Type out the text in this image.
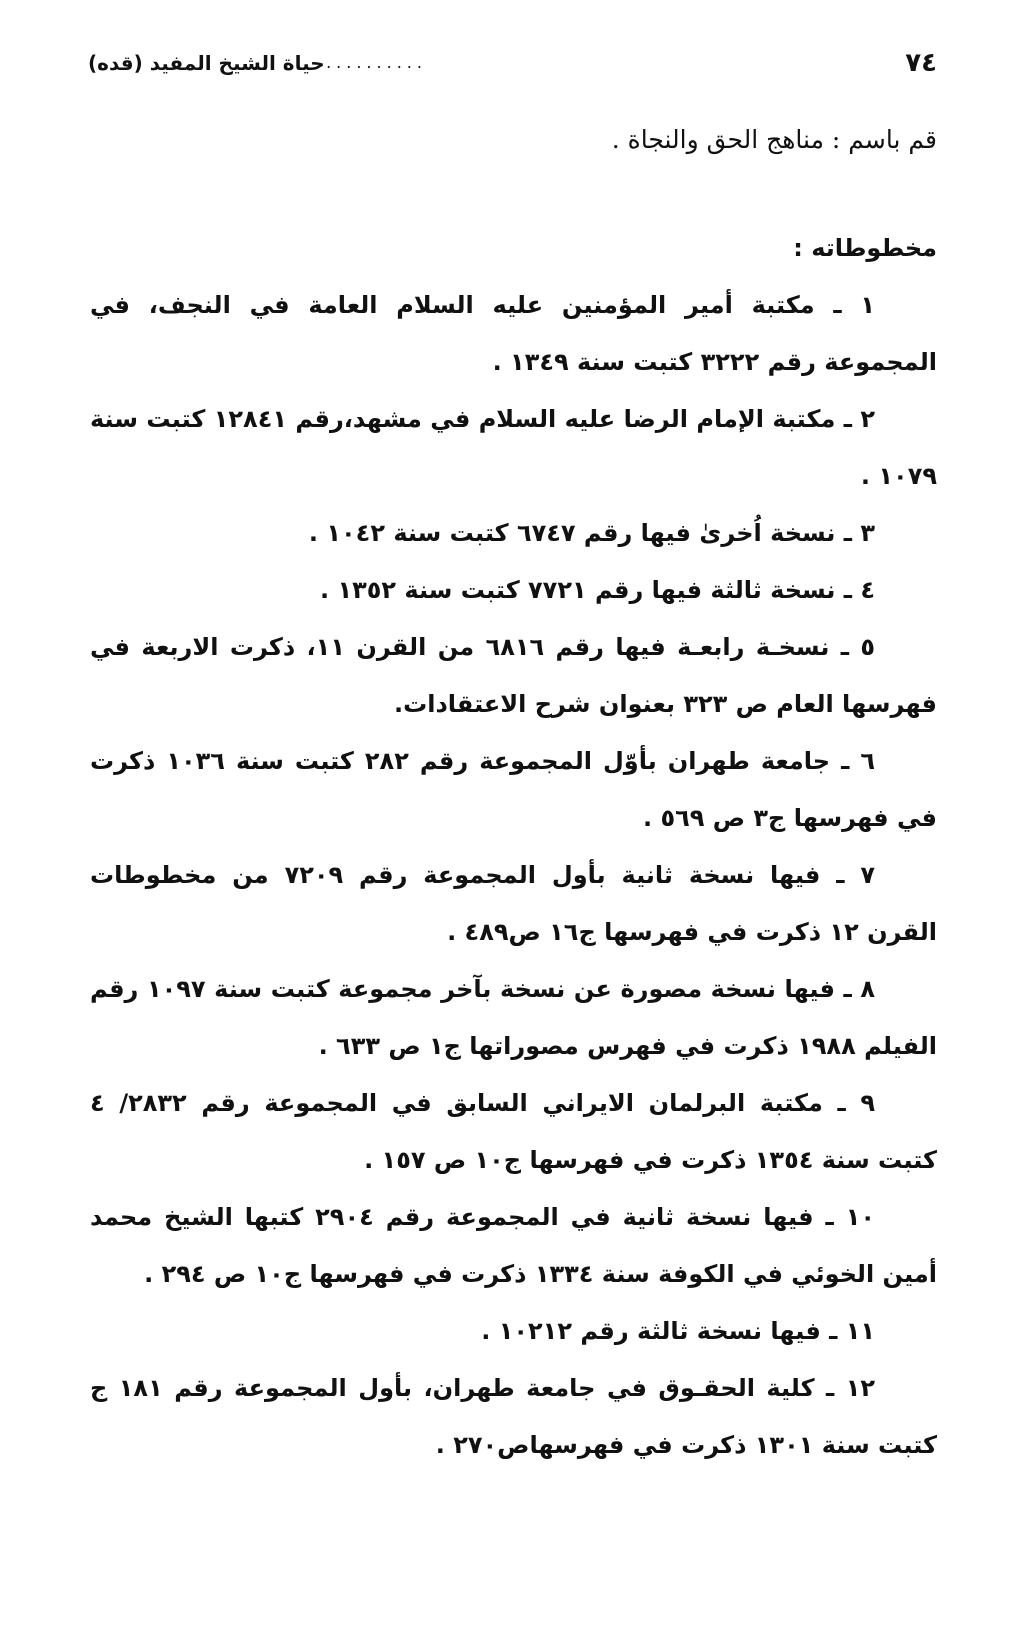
٧٤
...........
حياة الشيخ المفيد (قده)

قم باسم : مناهج الحق والنجاة .

مخطوطاته :

١ ـ مكتبة أمير المؤمنين عليه السلام العامة في النجف، في المجموعة رقم ٣٢٢٢ كتبت سنة ١٣٤٩ .

٢ ـ مكتبة الإمام الرضا عليه السلام في مشهد،رقم ١٢٨٤١ كتبت سنة ١٠٧٩ .

٣ ـ نسخة اُخرىٰ فيها رقم ٦٧٤٧ كتبت سنة ١٠٤٢ .

٤ ـ نسخة ثالثة فيها رقم ٧٧٢١ كتبت سنة ١٣٥٢ .

٥ ـ نسخـة رابعـة فيها رقم ٦٨١٦ من القرن ١١، ذكرت الاربعة في فهرسها العام ص ٣٢٣ بعنوان شرح الاعتقادات.

٦ ـ جامعة طهران بأوّل المجموعة رقم ٢٨٢ كتبت سنة ١٠٣٦ ذكرت في فهرسها ج٣ ص ٥٦٩ .

٧ ـ فيها نسخة ثانية بأول المجموعة رقم ٧٢٠٩ من مخطوطات القرن ١٢ ذكرت في فهرسها ج١٦ ص٤٨٩ .

٨ ـ فيها نسخة مصورة عن نسخة بآخر مجموعة كتبت سنة ١٠٩٧ رقم الفيلم ١٩٨٨ ذكرت في فهرس مصوراتها ج١ ص ٦٣٣ .

٩ ـ مكتبة البرلمان الايراني السابق في المجموعة رقم ٢٨٣٢/ ٤ كتبت سنة ١٣٥٤ ذكرت في فهرسها ج١٠ ص ١٥٧ .

١٠ ـ فيها نسخة ثانية في المجموعة رقم ٢٩٠٤ كتبها الشيخ محمد أمين الخوئي في الكوفة سنة ١٣٣٤ ذكرت في فهرسها ج١٠ ص ٢٩٤ .

١١ ـ فيها نسخة ثالثة رقم ١٠٢١٢ .

١٢ ـ كلية الحقـوق في جامعة طهران، بأول المجموعة رقم ١٨١ ج كتبت سنة ١٣٠١ ذكرت في فهرسهاص٢٧٠ .
